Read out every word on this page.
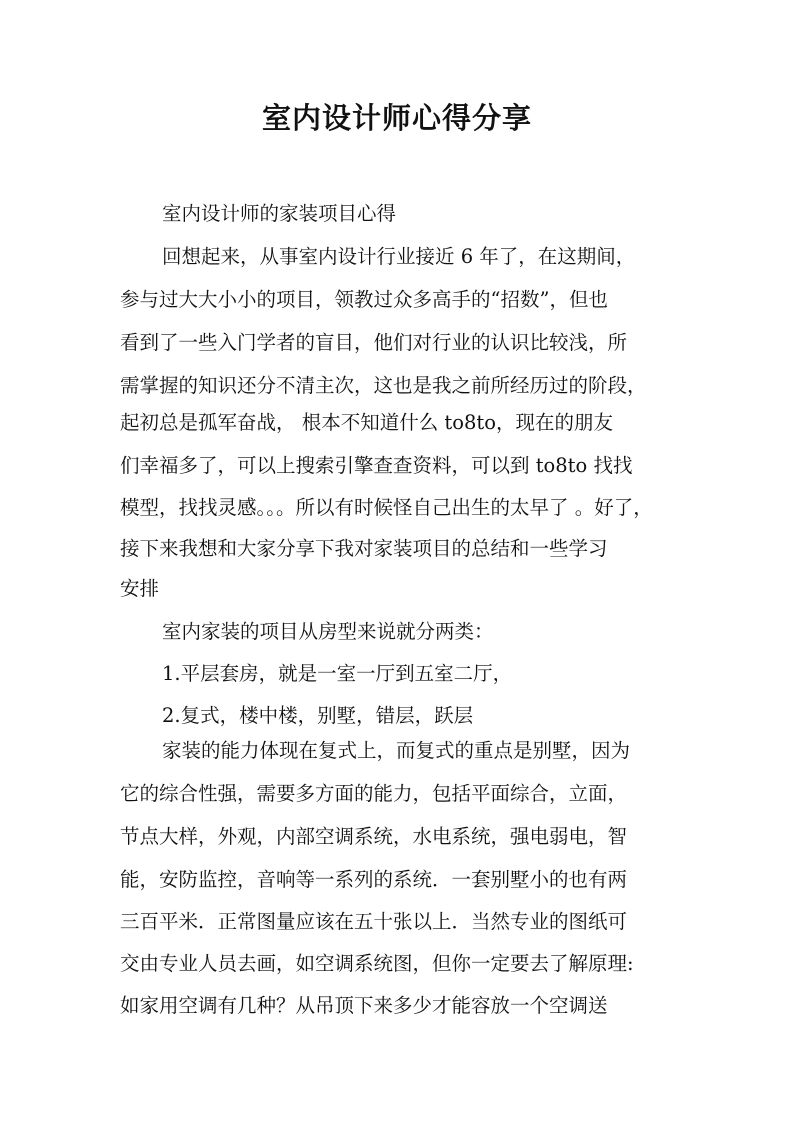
室内设计师心得分享
室内设计师的家装项目心得
回想起来，从事室内设计行业接近 6 年了，在这期间，
参与过大大小小的项目，领教过众多高手的“招数”，但也
看到了一些入门学者的盲目，他们对行业的认识比较浅，所
需掌握的知识还分不清主次，这也是我之前所经历过的阶段，
起初总是孤军奋战， 根本不知道什么 to8to，现在的朋友
们幸福多了，可以上搜索引擎查查资料，可以到 to8to 找找
模型，找找灵感。。。所以有时候怪自己出生的太早了 。好了，
接下来我想和大家分享下我对家装项目的总结和一些学习
安排
室内家装的项目从房型来说就分两类：
1.平层套房，就是一室一厅到五室二厅，
2.复式，楼中楼，别墅，错层，跃层
家装的能力体现在复式上，而复式的重点是别墅，因为
它的综合性强，需要多方面的能力，包括平面综合，立面，
节点大样，外观，内部空调系统，水电系统，强电弱电，智
能，安防监控，音响等一系列的系统．一套别墅小的也有两
三百平米．正常图量应该在五十张以上．当然专业的图纸可
交由专业人员去画，如空调系统图，但你一定要去了解原理:
如家用空调有几种？从吊顶下来多少才能容放一个空调送
